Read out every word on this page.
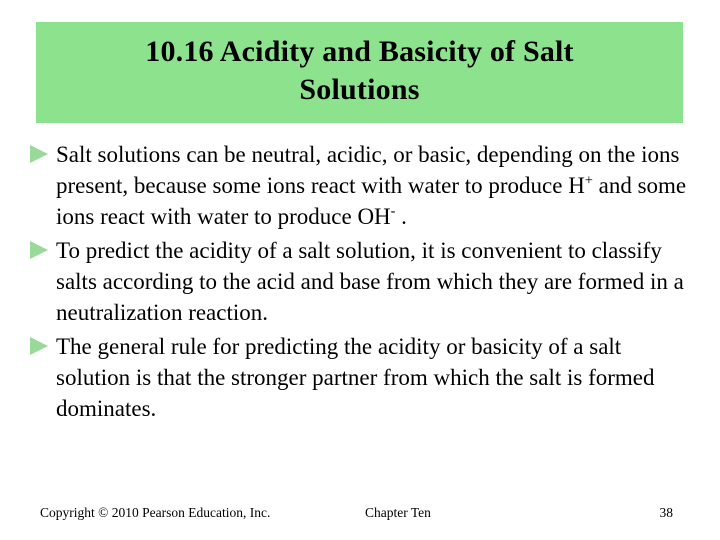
10.16 Acidity and Basicity of Salt
Solutions

Salt solutions can be neutral, acidic, or basic, depending on the ions present, because some ions react with water to produce H+ and some ions react with water to produce OH- .

To predict the acidity of a salt solution, it is convenient to classify salts according to the acid and base from which they are formed in a neutralization reaction.

The general rule for predicting the acidity or basicity of a salt solution is that the stronger partner from which the salt is formed dominates.

Copyright © 2010 Pearson Education, Inc.	Chapter Ten	38
